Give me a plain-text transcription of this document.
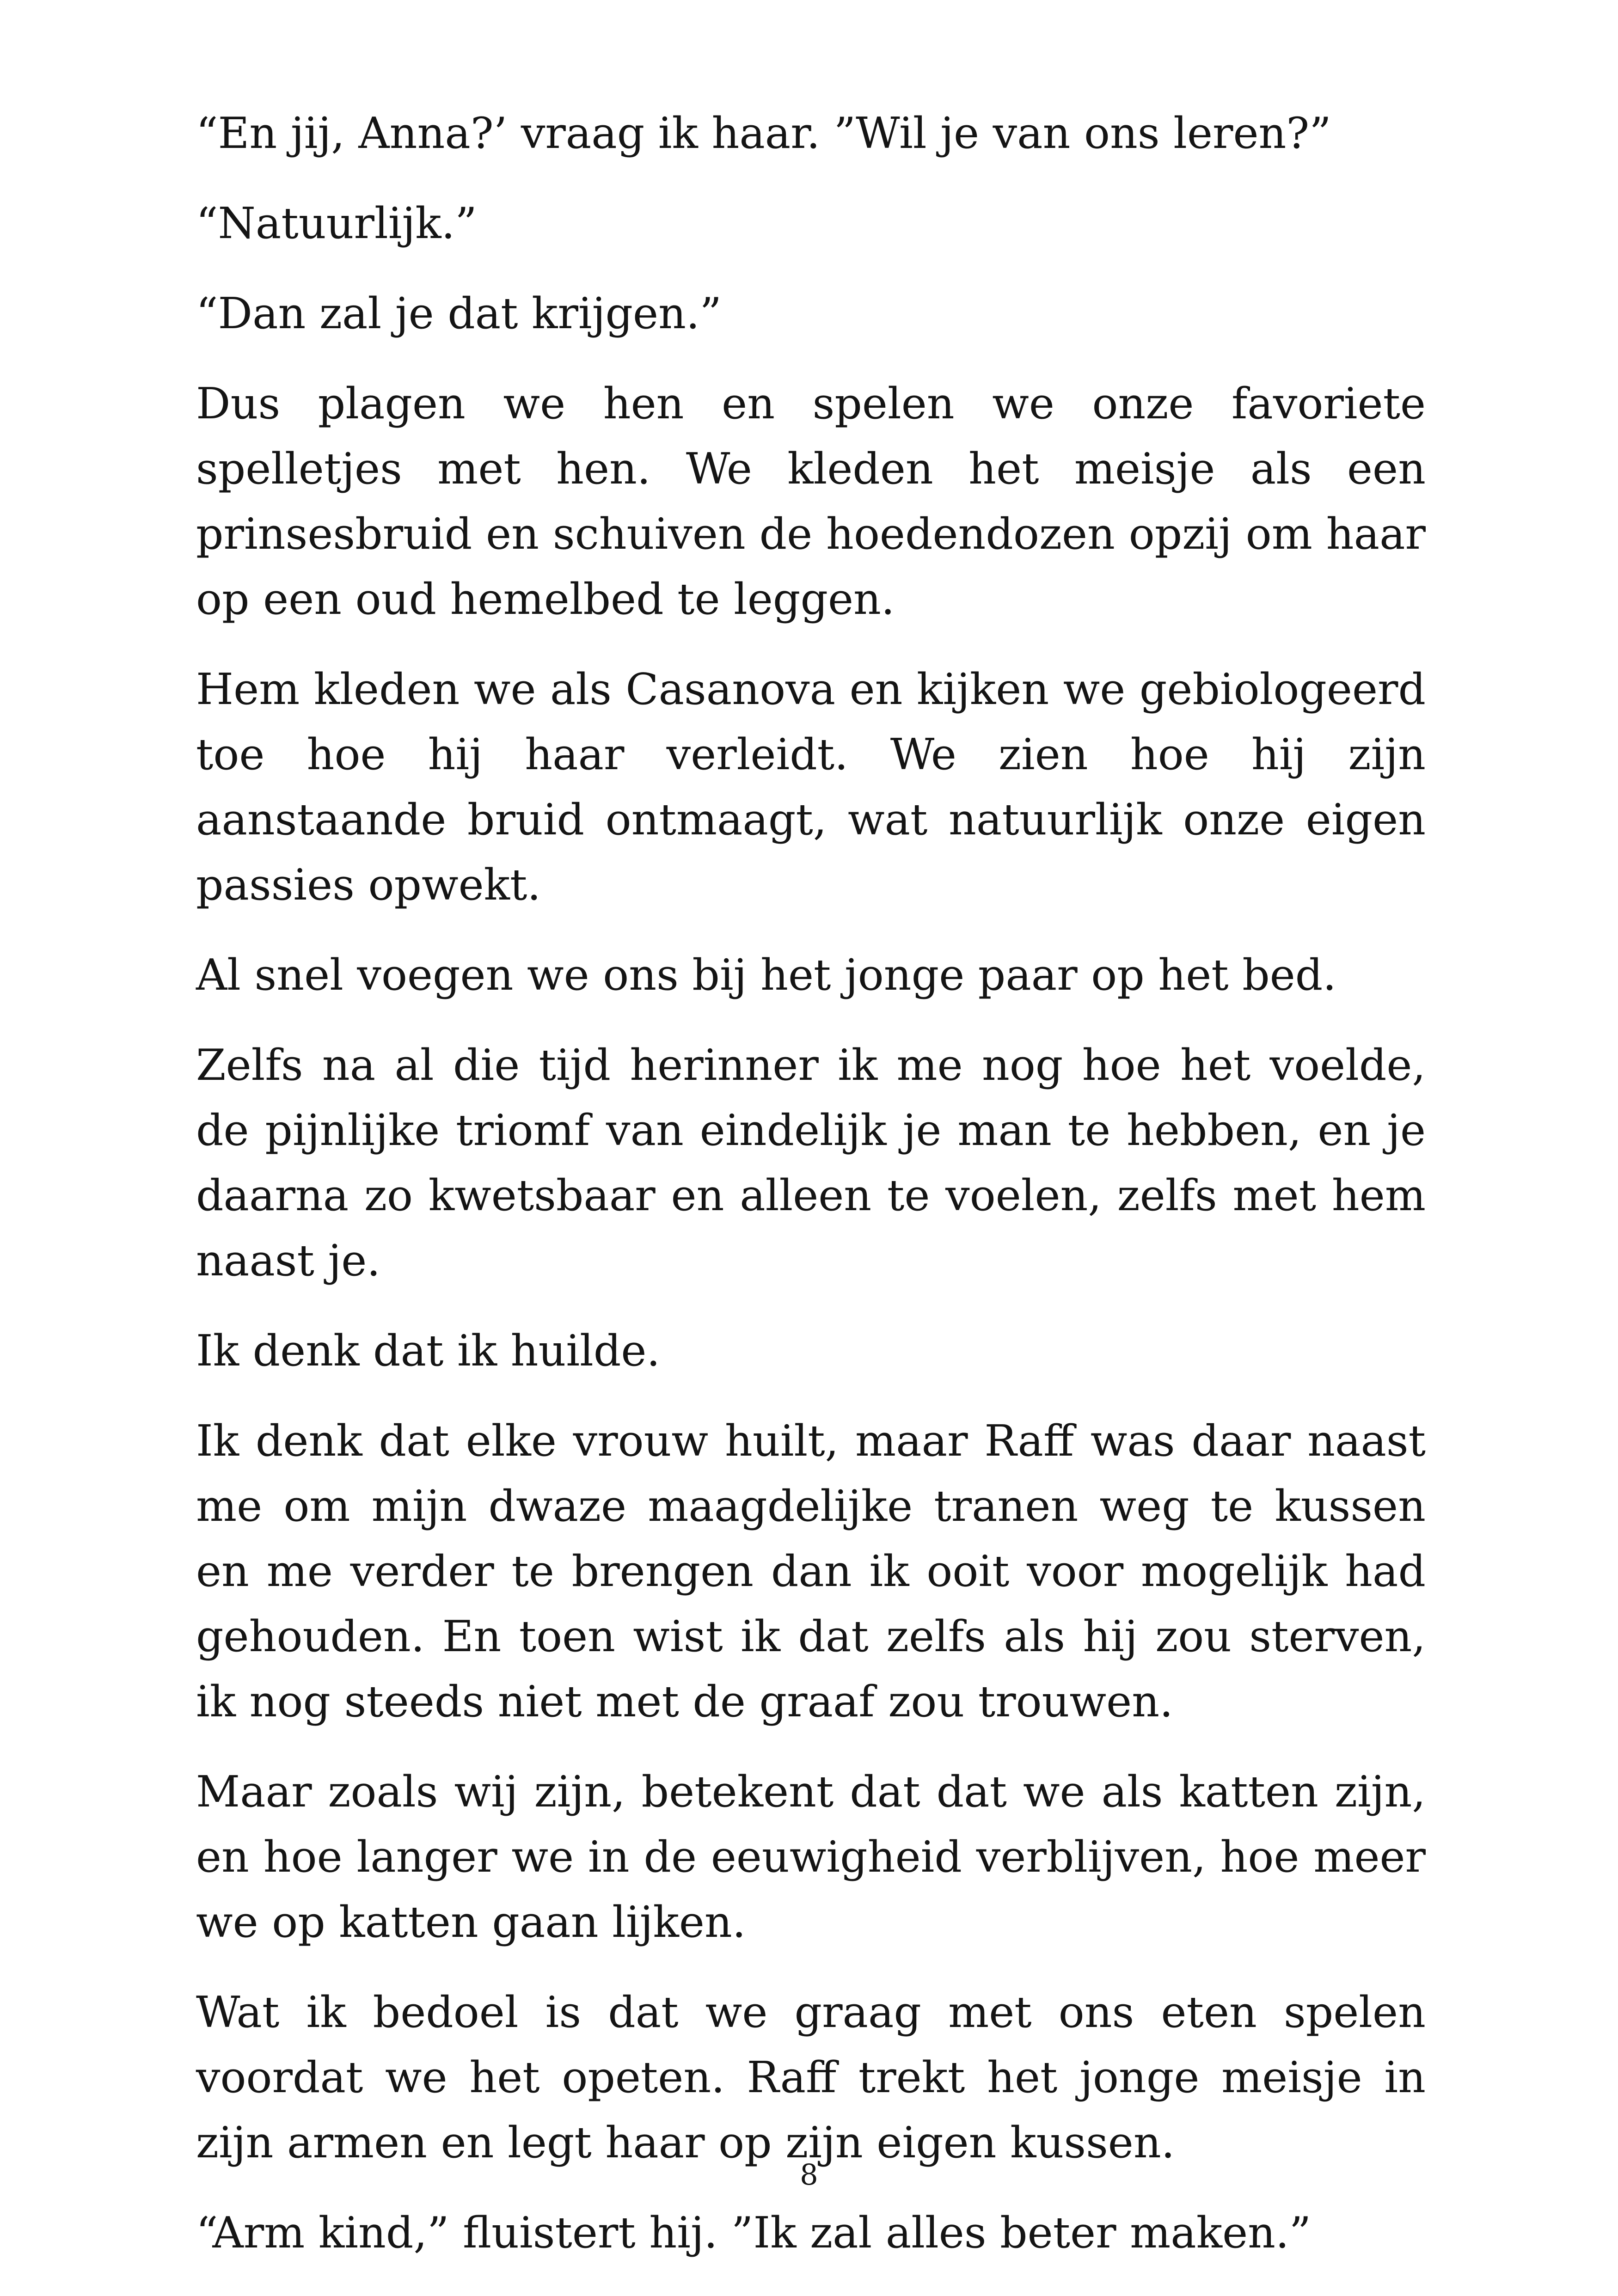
“En jij, Anna?’ vraag ik haar. ”Wil je van ons leren?”

“Natuurlijk.”

“Dan zal je dat krijgen.”

Dus plagen we hen en spelen we onze favoriete spelletjes met hen. We kleden het meisje als een prinsesbruid en schuiven de hoedendozen opzij om haar op een oud hemelbed te leggen.

Hem kleden we als Casanova en kijken we gebiologeerd toe hoe hij haar verleidt. We zien hoe hij zijn aanstaande bruid ontmaagt, wat natuurlijk onze eigen passies opwekt.

Al snel voegen we ons bij het jonge paar op het bed.

Zelfs na al die tijd herinner ik me nog hoe het voelde, de pijnlijke triomf van eindelijk je man te hebben, en je daarna zo kwetsbaar en alleen te voelen, zelfs met hem naast je.

Ik denk dat ik huilde.

Ik denk dat elke vrouw huilt, maar Raff was daar naast me om mijn dwaze maagdelijke tranen weg te kussen en me verder te brengen dan ik ooit voor mogelijk had gehouden. En toen wist ik dat zelfs als hij zou sterven, ik nog steeds niet met de graaf zou trouwen.

Maar zoals wij zijn, betekent dat dat we als katten zijn, en hoe langer we in de eeuwigheid verblijven, hoe meer we op katten gaan lijken.

Wat ik bedoel is dat we graag met ons eten spelen voordat we het opeten. Raff trekt het jonge meisje in zijn armen en legt haar op zijn eigen kussen.

“Arm kind,” fluistert hij. ”Ik zal alles beter maken.”

8
